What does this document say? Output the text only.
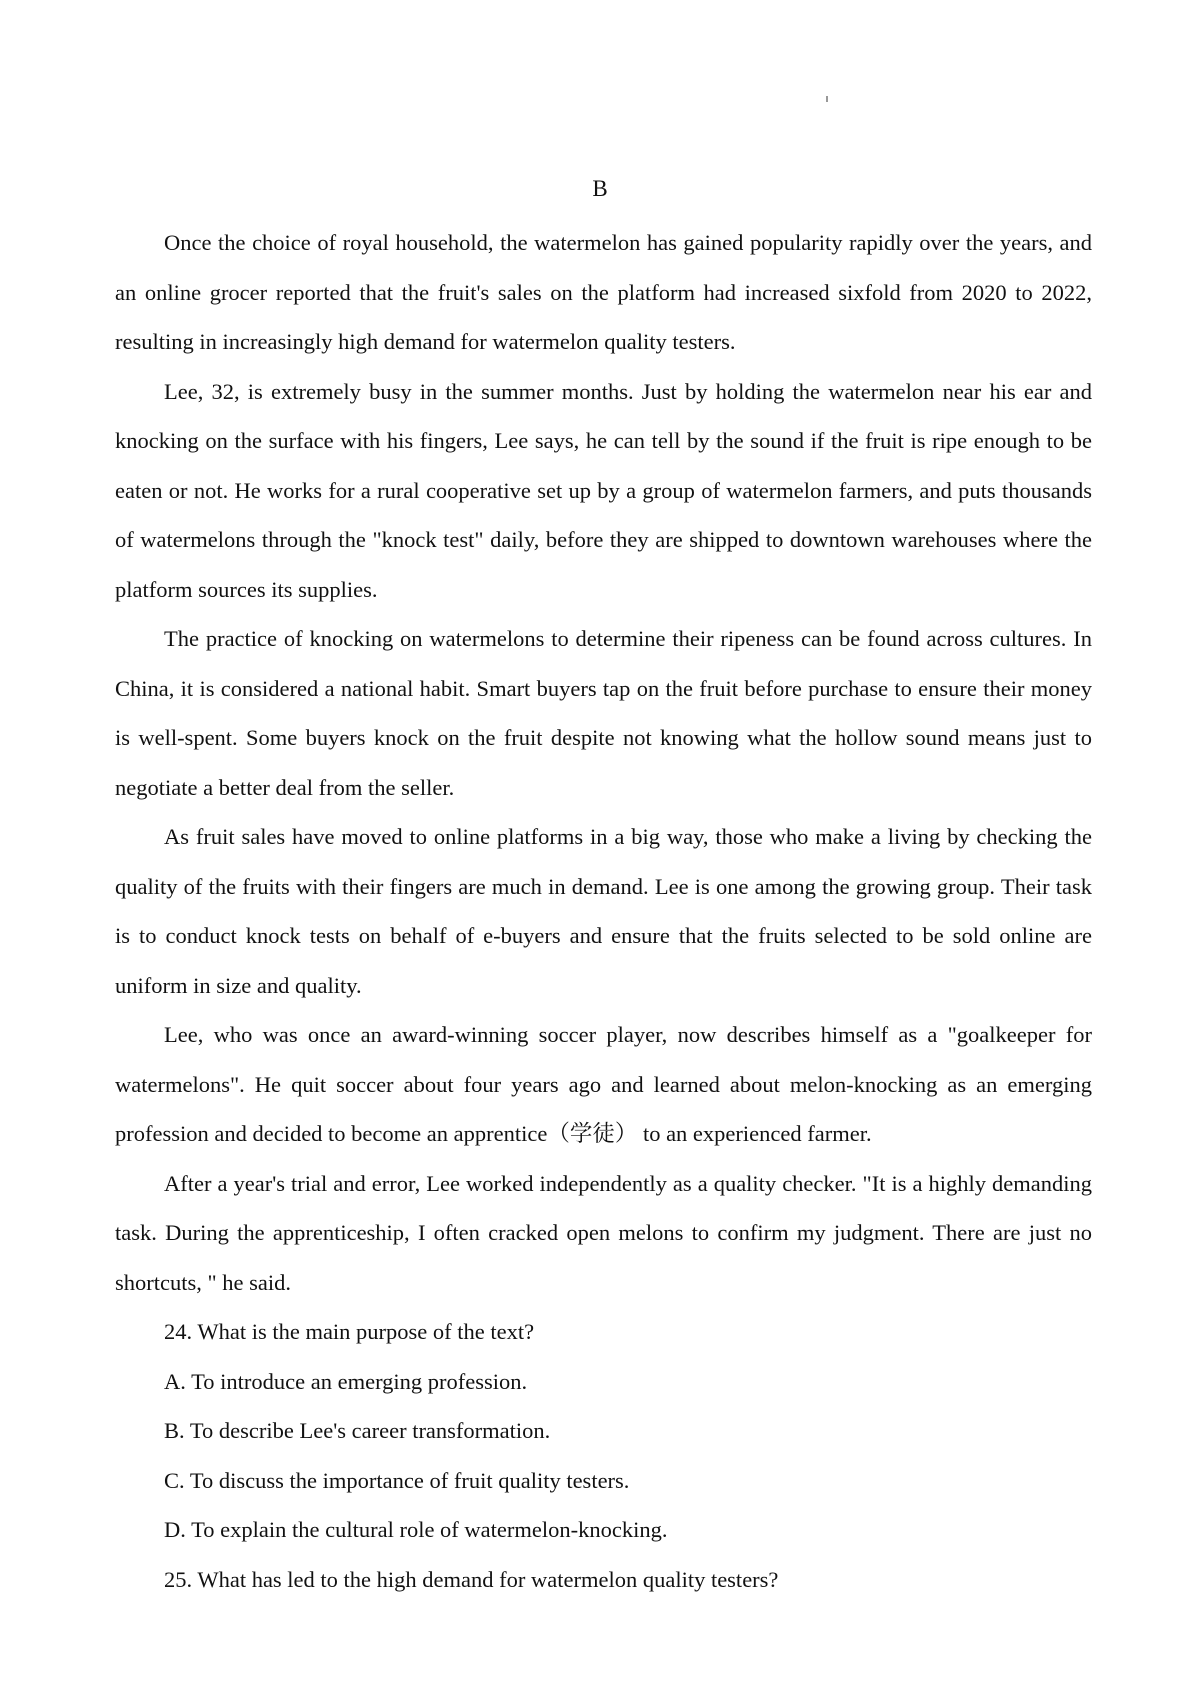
B

Once the choice of royal household, the watermelon has gained popularity rapidly over the years, and an online grocer reported that the fruit's sales on the platform had increased sixfold from 2020 to 2022, resulting in increasingly high demand for watermelon quality testers.

Lee, 32, is extremely busy in the summer months. Just by holding the watermelon near his ear and knocking on the surface with his fingers, Lee says, he can tell by the sound if the fruit is ripe enough to be eaten or not. He works for a rural cooperative set up by a group of watermelon farmers, and puts thousands of watermelons through the "knock test" daily, before they are shipped to downtown warehouses where the platform sources its supplies.

The practice of knocking on watermelons to determine their ripeness can be found across cultures. In China, it is considered a national habit. Smart buyers tap on the fruit before purchase to ensure their money is well-spent. Some buyers knock on the fruit despite not knowing what the hollow sound means just to negotiate a better deal from the seller.

As fruit sales have moved to online platforms in a big way, those who make a living by checking the quality of the fruits with their fingers are much in demand. Lee is one among the growing group. Their task is to conduct knock tests on behalf of e-buyers and ensure that the fruits selected to be sold online are uniform in size and quality.

Lee, who was once an award-winning soccer player, now describes himself as a "goalkeeper for watermelons". He quit soccer about four years ago and learned about melon-knocking as an emerging profession and decided to become an apprentice（学徒） to an experienced farmer.

After a year's trial and error, Lee worked independently as a quality checker. "It is a highly demanding task. During the apprenticeship, I often cracked open melons to confirm my judgment. There are just no shortcuts, " he said.

24. What is the main purpose of the text?

A. To introduce an emerging profession.

B. To describe Lee's career transformation.

C. To discuss the importance of fruit quality testers.

D. To explain the cultural role of watermelon-knocking.

25. What has led to the high demand for watermelon quality testers?
